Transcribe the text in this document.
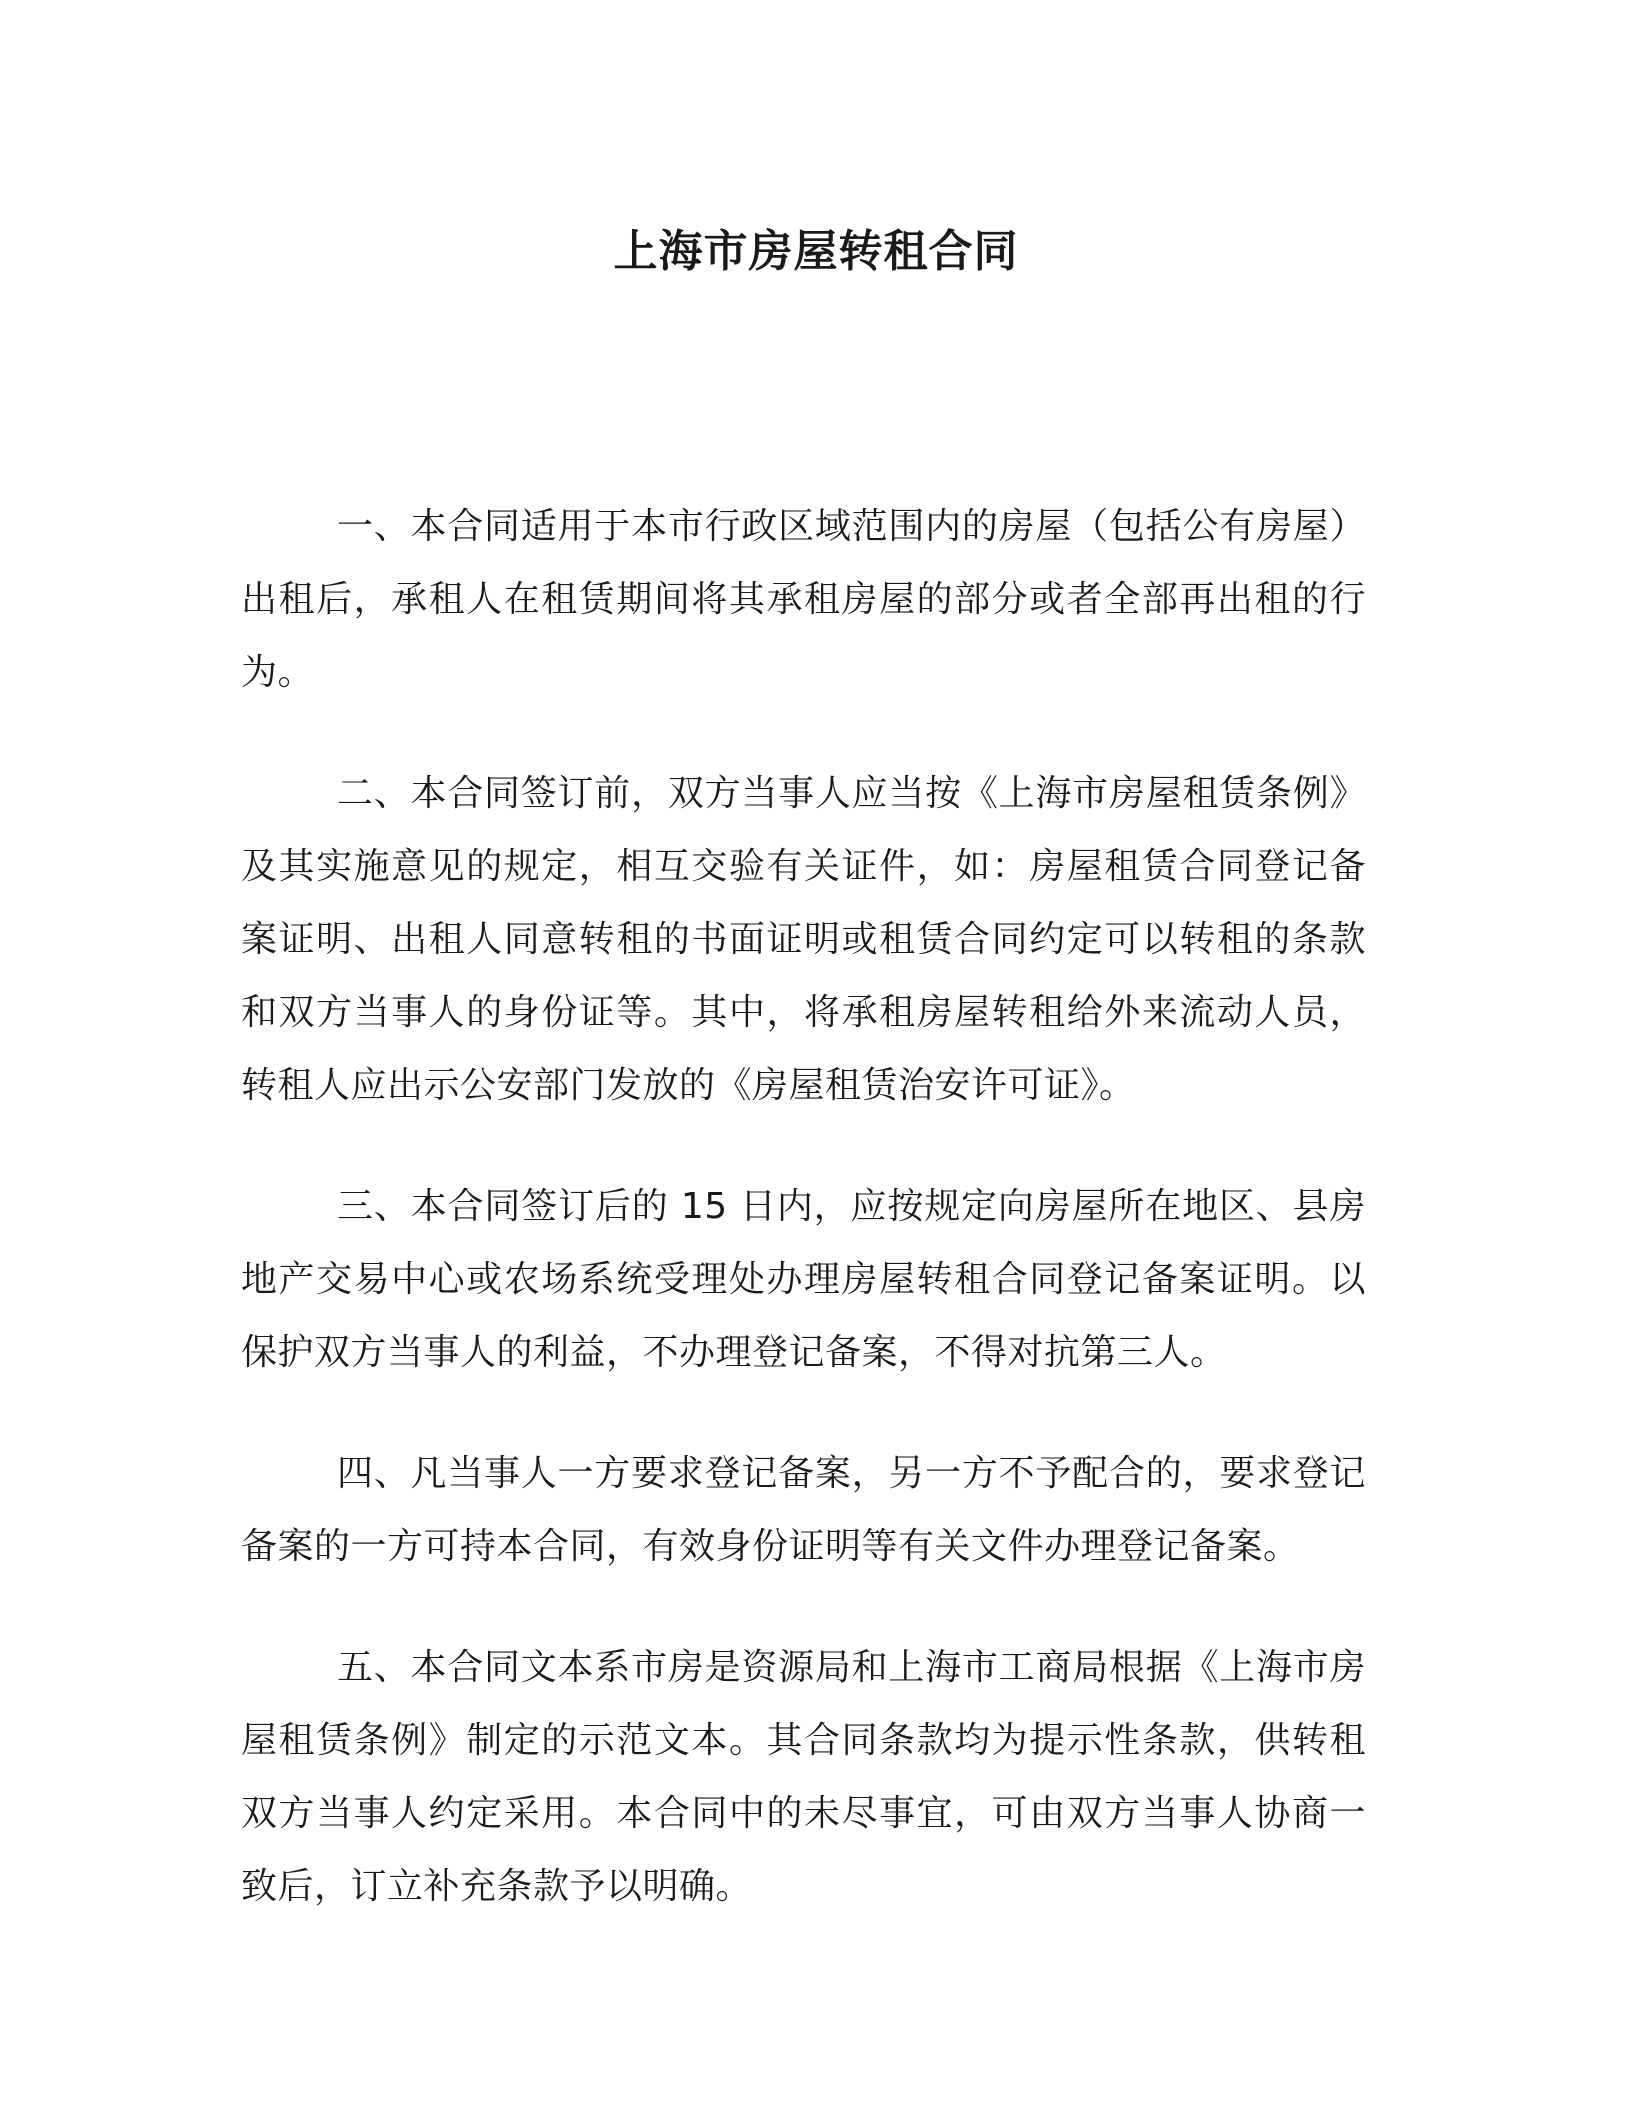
上海市房屋转租合同

一、本合同适用于本市行政区域范围内的房屋（包括公有房屋）出租后，承租人在租赁期间将其承租房屋的部分或者全部再出租的行为。

二、本合同签订前，双方当事人应当按《上海市房屋租赁条例》及其实施意见的规定，相互交验有关证件，如：房屋租赁合同登记备案证明、出租人同意转租的书面证明或租赁合同约定可以转租的条款和双方当事人的身份证等。其中，将承租房屋转租给外来流动人员，转租人应出示公安部门发放的《房屋租赁治安许可证》。

三、本合同签订后的 15 日内，应按规定向房屋所在地区、县房地产交易中心或农场系统受理处办理房屋转租合同登记备案证明。以保护双方当事人的利益，不办理登记备案，不得对抗第三人。

四、凡当事人一方要求登记备案，另一方不予配合的，要求登记备案的一方可持本合同，有效身份证明等有关文件办理登记备案。

五、本合同文本系市房是资源局和上海市工商局根据《上海市房屋租赁条例》制定的示范文本。其合同条款均为提示性条款，供转租双方当事人约定采用。本合同中的未尽事宜，可由双方当事人协商一致后，订立补充条款予以明确。
